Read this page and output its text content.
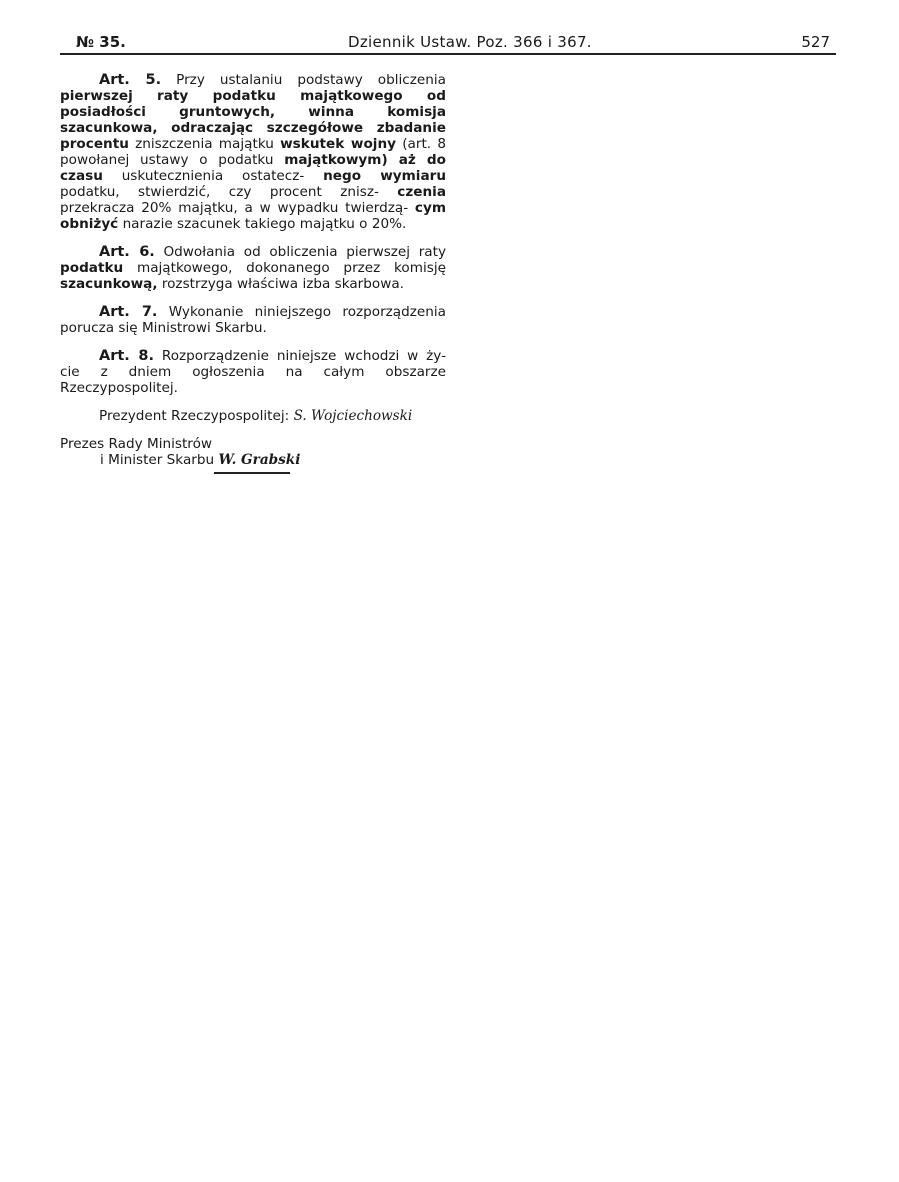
№ 35.	Dziennik Ustaw. Poz. 366 i 367.	527

Art. 5. Przy ustalaniu podstawy obliczenia pierwszej raty podatku majątkowego od posiadłości gruntowych, winna komisja szacunkowa, odraczając szczegółowe zbadanie procentu zniszczenia majątku wskutek wojny (art. 8 powołanej ustawy o podatku majątkowym) aż do czasu uskutecznienia ostatecz- nego wymiaru podatku, stwierdzić, czy procent znisz- czenia przekracza 20% majątku, a w wypadku twierdzą- cym obniżyć narazie szacunek takiego majątku o 20%.

Art. 6. Odwołania od obliczenia pierwszej raty podatku majątkowego, dokonanego przez komisję szacunkową, rozstrzyga właściwa izba skarbowa.

Art. 7. Wykonanie niniejszego rozporządzenia porucza się Ministrowi Skarbu.

Art. 8. Rozporządzenie niniejsze wchodzi w ży- cie z dniem ogłoszenia na całym obszarze Rzeczypospolitej.

Prezydent Rzeczypospolitej: S. Wojciechowski

Prezes Rady Ministrów
i Minister Skarbu W. Grabski
